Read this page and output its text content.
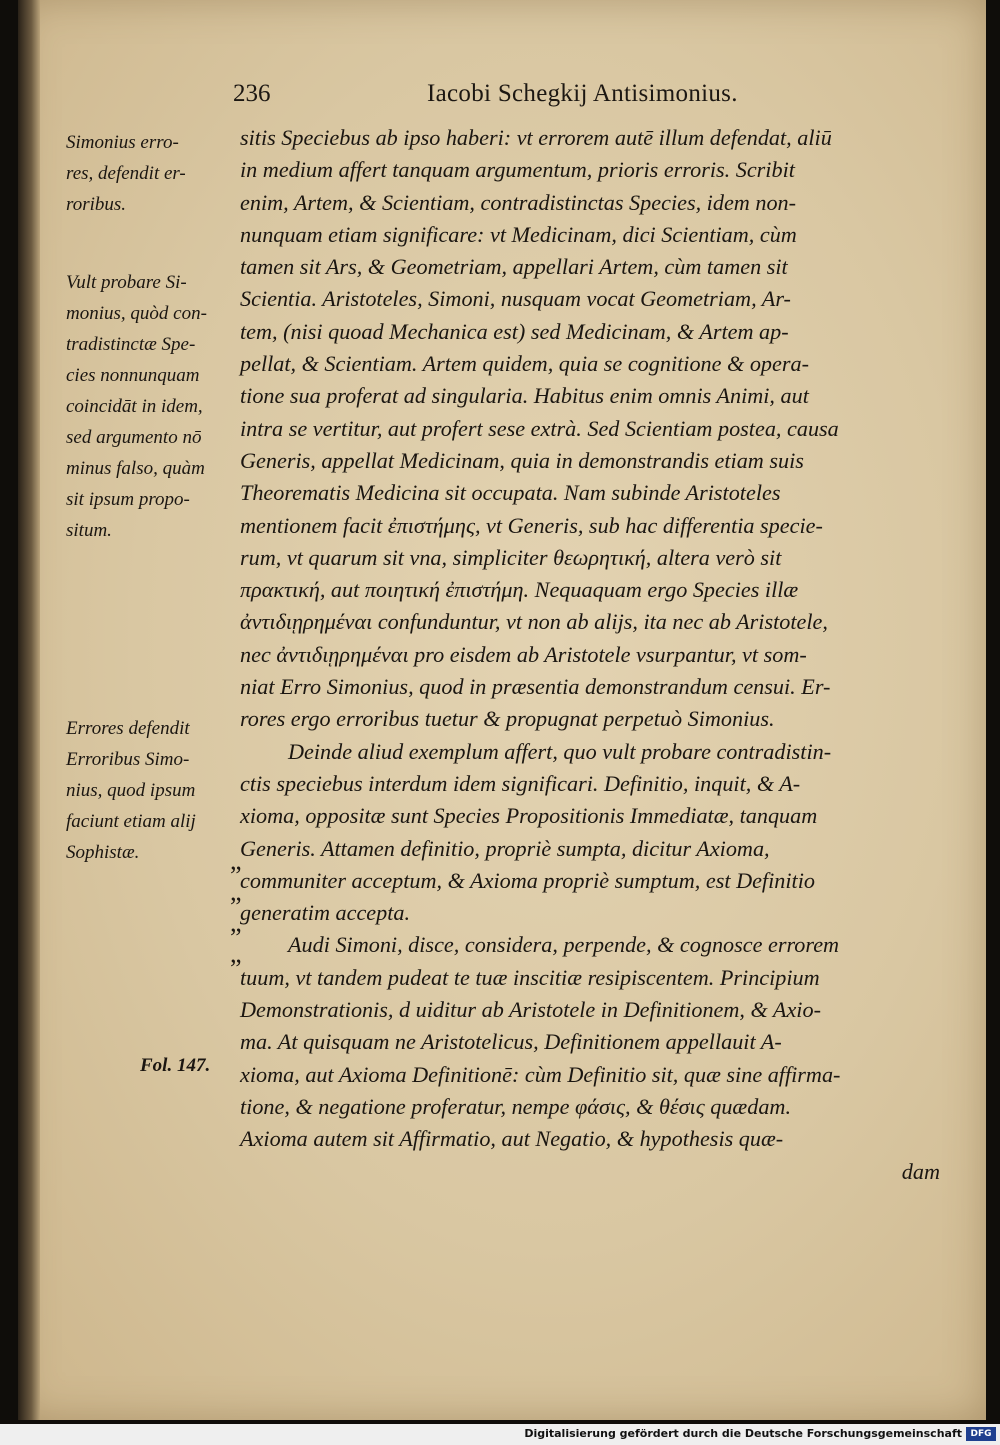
236	Iacobi Schegkij Antisimonius.
sitis Speciebus ab ipso haberi: vt errorem autē illum defendat, aliū
in medium affert tanquam argumentum, prioris erroris. Scribit
enim, Artem, & Scientiam, contradistinctas Species, idem non-
nunquam etiam significare: vt Medicinam, dici Scientiam, cùm
tamen sit Ars, & Geometriam, appellari Artem, cùm tamen sit
Scientia. Aristoteles, Simoni, nusquam vocat Geometriam, Ar-
tem, (nisi quoad Mechanica est) sed Medicinam, & Artem ap-
pellat, & Scientiam. Artem quidem, quia se cognitione & opera-
tione sua proferat ad singularia. Habitus enim omnis Animi, aut
intra se vertitur, aut profert sese extrà. Sed Scientiam postea, causa
Generis, appellat Medicinam, quia in demonstrandis etiam suis
Theorematis Medicina sit occupata. Nam subinde Aristoteles
mentionem facit ἐπιστήμης, vt Generis, sub hac differentia specie-
rum, vt quarum sit vna, simpliciter θεωρητική, altera verò sit
πρακτική, aut ποιητική ἐπιστήμη. Nequaquam ergo Species illæ
ἀντιδιῃρημέναι confunduntur, vt non ab alijs, ita nec ab Aristotele,
nec ἀντιδιῃρημέναι pro eisdem ab Aristotele vsurpantur, vt som-
niat Erro Simonius, quod in præsentia demonstrandum censui. Er-
rores ergo erroribus tuetur & propugnat perpetuò Simonius.
Deinde aliud exemplum affert, quo vult probare contradistin-
ctis speciebus interdum idem significari. Definitio, inquit, & A-
xioma, oppositæ sunt Species Propositionis Immediatæ, tanquam
Generis. Attamen definitio, propriè sumpta, dicitur Axioma,
communiter acceptum, & Axioma propriè sumptum, est Definitio
generatim accepta.
Audi Simoni, disce, considera, perpende, & cognosce errorem
tuum, vt tandem pudeat te tuæ inscitiæ resipiscentem. Principium
Demonstrationis, d uiditur ab Aristotele in Definitionem, & Axio-
ma. At quisquam ne Aristotelicus, Definitionem appellauit A-
xioma, aut Axioma Definitionē: cùm Definitio sit, quæ sine affirma-
tione, & negatione proferatur, nempe φάσις, & θέσις quædam.
Axioma autem sit Affirmatio, aut Negatio, & hypothesis quæ-
dam
Simonius erro-
res, defendit er-
roribus.
Vult probare Si-
monius, quòd con-
tradistinctæ Spe-
cies nonnunquam
coincidāt in idem,
sed argumento nō
minus falso, quàm
sit ipsum propo-
situm.
Errores defendit
Erroribus Simo-
nius, quod ipsum
faciunt etiam alij
Sophistæ.
Fol. 147.
„
„
„
„
Digitalisierung gefördert durch die Deutsche Forschungsgemeinschaft DFG
